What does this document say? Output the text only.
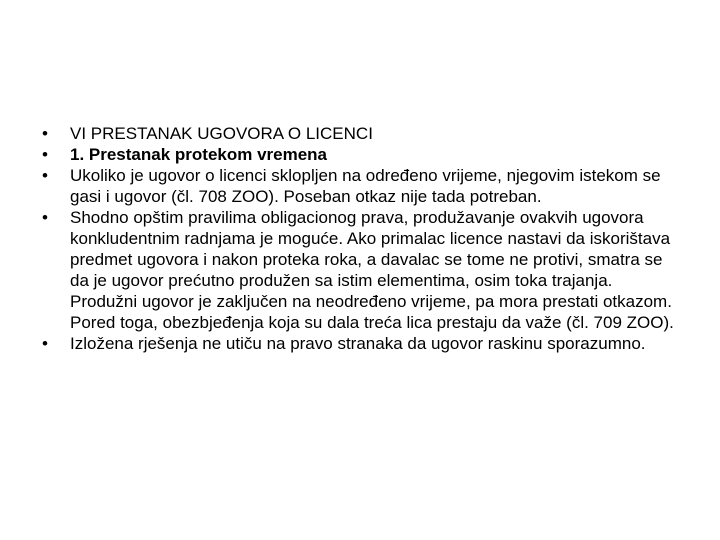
•	VI PRESTANAK UGOVORA O LICENCI
•	1. Prestanak protekom vremena
•	Ukoliko je ugovor o licenci sklopljen na određeno vrijeme, njegovim istekom se gasi i ugovor (čl. 708 ZOO). Poseban otkaz nije tada potreban.
•	Shodno opštim pravilima obligacionog prava, produžavanje ovakvih ugovora konkludentnim radnjama je moguće. Ako primalac licence nastavi da iskorištava predmet ugovora i nakon proteka roka, a davalac se tome ne protivi, smatra se da je ugovor prećutno produžen sa istim elementima, osim toka trajanja. Produžni ugovor je zaključen na neodređeno vrijeme, pa mora prestati otkazom. Pored toga, obezbjeđenja koja su dala treća lica prestaju da važe (čl. 709 ZOO).
•	Izložena rješenja ne utiču na pravo stranaka da ugovor raskinu sporazumno.
